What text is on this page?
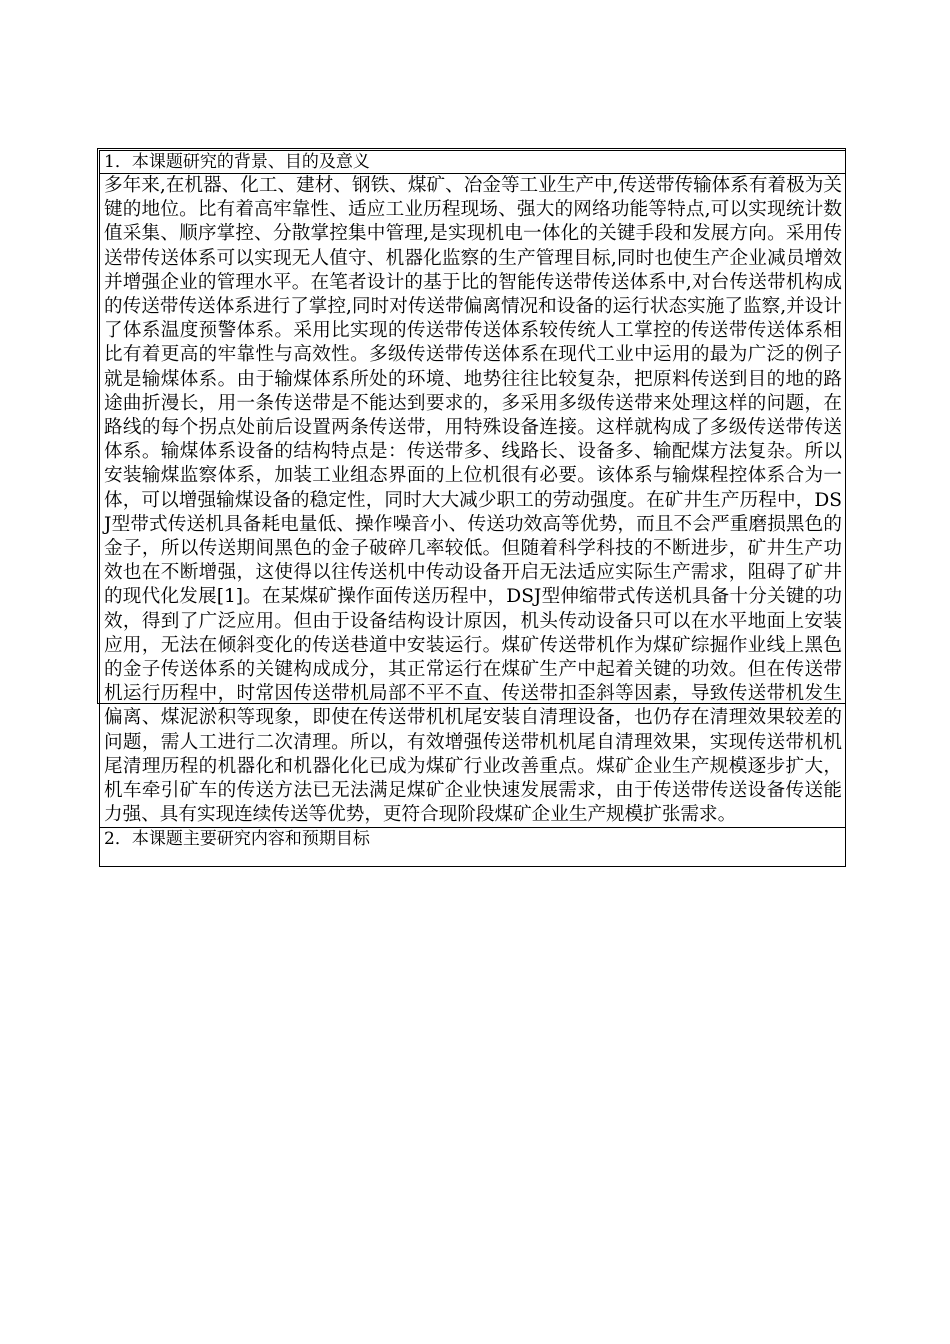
1．本课题研究的背景、目的及意义

多年来,在机器、化工、建材、钢铁、煤矿、冶金等工业生产中,传送带传输体系有着极为关键的地位。比有着高牢靠性、适应工业历程现场、强大的网络功能等特点,可以实现统计数值采集、顺序掌控、分散掌控集中管理,是实现机电一体化的关键手段和发展方向。采用传送带传送体系可以实现无人值守、机器化监察的生产管理目标,同时也使生产企业减员增效并增强企业的管理水平。在笔者设计的基于比的智能传送带传送体系中,对台传送带机构成的传送带传送体系进行了掌控,同时对传送带偏离情况和设备的运行状态实施了监察,并设计了体系温度预警体系。采用比实现的传送带传送体系较传统人工掌控的传送带传送体系相比有着更高的牢靠性与高效性。多级传送带传送体系在现代工业中运用的最为广泛的例子就是输煤体系。由于输煤体系所处的环境、地势往往比较复杂，把原料传送到目的地的路途曲折漫长，用一条传送带是不能达到要求的，多采用多级传送带来处理这样的问题，在路线的每个拐点处前后设置两条传送带，用特殊设备连接。这样就构成了多级传送带传送体系。输煤体系设备的结构特点是：传送带多、线路长、设备多、输配煤方法复杂。所以安装输煤监察体系，加装工业组态界面的上位机很有必要。该体系与输煤程控体系合为一体，可以增强输煤设备的稳定性，同时大大减少职工的劳动强度。在矿井生产历程中，DSJ型带式传送机具备耗电量低、操作噪音小、传送功效高等优势，而且不会严重磨损黑色的金子，所以传送期间黑色的金子破碎几率较低。但随着科学科技的不断进步，矿井生产功效也在不断增强，这使得以往传送机中传动设备开启无法适应实际生产需求，阻碍了矿井的现代化发展[1]。在某煤矿操作面传送历程中，DSJ型伸缩带式传送机具备十分关键的功效，得到了广泛应用。但由于设备结构设计原因，机头传动设备只可以在水平地面上安装应用，无法在倾斜变化的传送巷道中安装运行。煤矿传送带机作为煤矿综掘作业线上黑色的金子传送体系的关键构成成分，其正常运行在煤矿生产中起着关键的功效。但在传送带机运行历程中，时常因传送带机局部不平不直、传送带扣歪斜等因素，导致传送带机发生偏离、煤泥淤积等现象，即使在传送带机机尾安装自清理设备，也仍存在清理效果较差的问题，需人工进行二次清理。所以，有效增强传送带机机尾自清理效果，实现传送带机机尾清理历程的机器化和机器化化已成为煤矿行业改善重点。煤矿企业生产规模逐步扩大，机车牵引矿车的传送方法已无法满足煤矿企业快速发展需求，由于传送带传送设备传送能力强、具有实现连续传送等优势，更符合现阶段煤矿企业生产规模扩张需求。

2．本课题主要研究内容和预期目标
